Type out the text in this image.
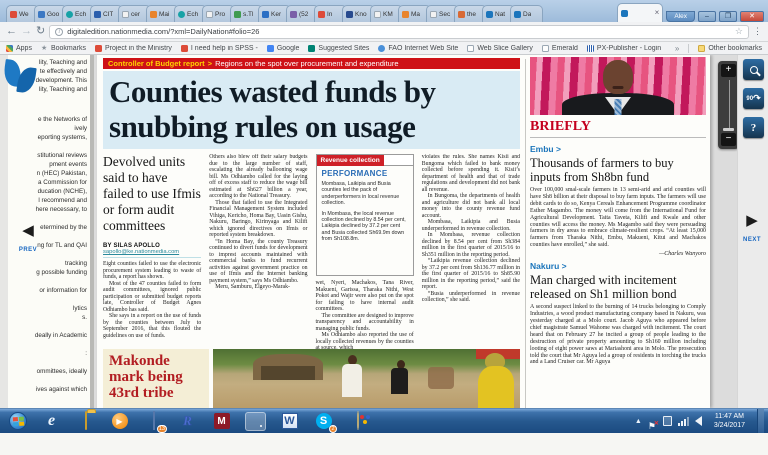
We	Goo Ech	CIT	cer	Mai	Ech	Pro	s.Tl	Ker	(52	In	Kno	KM	Ma	Sec	the	Nat	Da	×	Alex	–	❐	✕
← → ↻	i digitaledition.nationmedia.com/?xml=DailyNation#folio=26	☆ ⋮
Apps ★	Bookmarks	Project in the Ministry	I need help in SPSS -	Google	Suggested Sites	FAO Internet Web Site	Web Slice Gallery	Emerald	PX-Publisher - Login »	Other bookmarks
lity, Teaching and
te effectively and
development. This
lity, Teaching and
e the Networks of
ively
eporting systems,
stitutional reviews
pment events
n (HEC) Pakistan,
a Commission for
ducation (NCHE),
l recommend and
here necessary, to
etermined by the
ng for TL and QAI
tracking
g possible funding
or information for
lytics
s.
deally in Academic
:
ommittees, ideally
ives against which
◀
PREV
Controller of Budget report > Regions on the spot over procurement and expenditure
Counties wasted funds by snubbing rules on usage
Devolved units said to have failed to use Ifmis or form audit committees
BY SILAS APOLLO
sapollo@ke.nationmedia.com

Eight counties failed to use the electronic procurement system leading to waste of funds, a report has shown.

Most of the 47 counties failed to form audit committees, ignored public participation or submitted budget reports late, Controller of Budget Agnes Odhiambo has said.

She says in a report on the use of funds by the counties between July to September 2016, that this flouted the guidelines on use of funds.

Others also blew off their salary budgets due to the large number of staff, escalating the already ballooning wage bill. Ms Odhiambo called for the laying off of excess staff to reduce the wage bill estimated at Sh627 billion a year, according to the National Treasury.

Those that failed to use the Integrated Financial Management System included Vihiga, Kericho, Homa Bay, Uasin Gishu, Nakuru, Baringo, Kirinyaga and Kilifi which ignored directives on Ifmis or reported system breakdown.

“In Homa Bay, the county Treasury continued to divert funds for development to imprest accounts maintained with commercial banks to fund recurrent activities against government practice on use of Ifmis and the Internet banking payment system,” says Ms Odhiambo.

Meru, Samburu, Elgeyo-Marak-

Revenue collection
PERFORMANCE

Mombasa, Laikipia and Busia counties led the pack of underperformers in local revenue collection.

In Mombasa, the local revenue collection declined by 8.54 per cent, Laikipia declined by 37.2 per cent and Busia collected Sh69.9m down from Sh108.8m.

wet, Nyeri, Machakos, Tana River, Makueni, Garissa, Tharaka Nithi, West Pokot and Wajir were also put on the spot for failing to have internal audit committees.

The committee are designed to improve transparency and accountability in managing public funds.

Ms Odhiambo also reported the use of locally collected revenues by the counties at source, which

violates the rules. She names Kisii and Bungoma which failed to bank money collected before spending it. Kisii’s department of health and that of trade regulations and development did not bank all revenue.

In Bungoma, the departments of health and agriculture did not bank all local money into the county revenue fund account.

Mombasa, Laikipia and Busia underperformed in revenue collection.

In Mombasa, revenue collection declined by 8.54 per cent from Sh384 million in the first quarter of 2015/16 to Sh351 million in the reporting period.

“Laikipia revenue collection declined by 37.2 per cent from Sh136.77 million in the first quarter of 2015/16 to Sh85.90 million in the reporting period,” said the report.

“Busia underperformed in revenue collection,” she said.

Makonde mark being 43rd tribe
BRIEFLY
Embu >
Thousands of farmers to buy inputs from Sh8bn fund

Over 100,000 smal-scale farmers in 13 semi-arid and arid counties will have Sh8 billion at their disposal to buy farm inputs. The farmers will use debit cards to do so, Kenya Cereals Enhancement Programme coordinator Esther Magambo. The money will come from the International Fund for Agricultural Development. Taita Taveta, Kilifi and Kwale and other counties will access the money. Ms Magambo said they were persuading farmers in dry areas to embrace climate-resilient crops. “At least 15,000 farmers from Tharaka Nithi, Embu, Makueni, Kitui and Machakos counties have enrolled,” she said.

—Charles Wanyoro

Nakuru >
Man charged with incitement released on Sh1 million bond

A second suspect linked to the burning of 14 trucks belonging to Comply Industries, a wood product manufacturing company based in Nakuru, was yesterday charged at a Molo court. Jacob Aguya who appeared before chief magistrate Samuel Wahome was charged with incitement. The court heard that on February 27 he incited a group of people leading to the destruction of private property amounting to Sh160 million including looting of eight power saws at Mariashoni area in Molo. The prosecution told the court that Mr Aguya led a group of residents in torching the trucks and a Land Cruiser car. Mr Aguya

+
−
90 ↷
?
▶
NEXT
e	▶
13
R	M	W	S
2
▲ ⚑ ✕
11:47 AM
3/24/2017
